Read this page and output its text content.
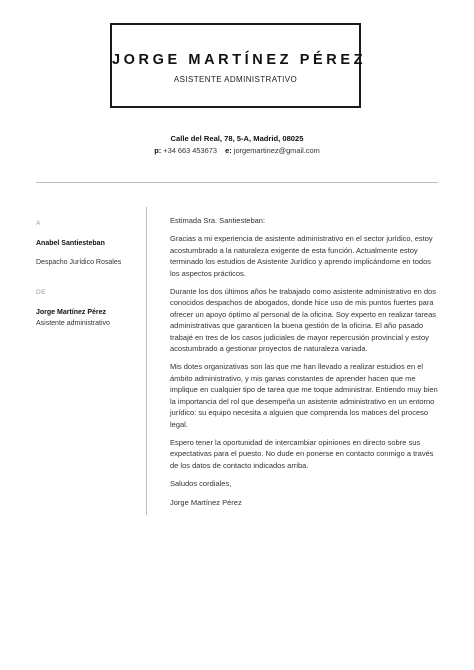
JORGE MARTÍNEZ PÉREZ
ASISTENTE ADMINISTRATIVO
Calle del Real, 78, 5-A, Madrid, 08025
p: +34 663 453673 e: jorgemartinez@gmail.com
A
Anabel Santiesteban
Despacho Jurídico Rosales
DE
Jorge Martínez Pérez
Asistente administrativo

Estimada Sra. Santiesteban:

Gracias a mi experiencia de asistente administrativo en el sector jurídico, estoy acostumbrado a la naturaleza exigente de esta función. Actualmente estoy terminado los estudios de Asistente Jurídico y aprendo implicándome en todos los aspectos prácticos.

Durante los dos últimos años he trabajado como asistente administrativo en dos conocidos despachos de abogados, donde hice uso de mis puntos fuertes para ofrecer un apoyo óptimo al personal de la oficina. Soy experto en realizar tareas administrativas que garanticen la buena gestión de la oficina. El año pasado trabajé en tres de los casos judiciales de mayor repercusión provincial y estoy acostumbrado a gestionar proyectos de naturaleza variada.

Mis dotes organizativas son las que me han llevado a realizar estudios en el ámbito administrativo, y mis ganas constantes de aprender hacen que me implique en cualquier tipo de tarea que me toque administrar. Entiendo muy bien la importancia del rol que desempeña un asistente administrativo en un entorno jurídico: su equipo necesita a alguien que comprenda los matices del proceso legal.

Espero tener la oportunidad de intercambiar opiniones en directo sobre sus expectativas para el puesto. No dude en ponerse en contacto conmigo a través de los datos de contacto indicados arriba.

Saludos cordiales,

Jorge Martínez Pérez
